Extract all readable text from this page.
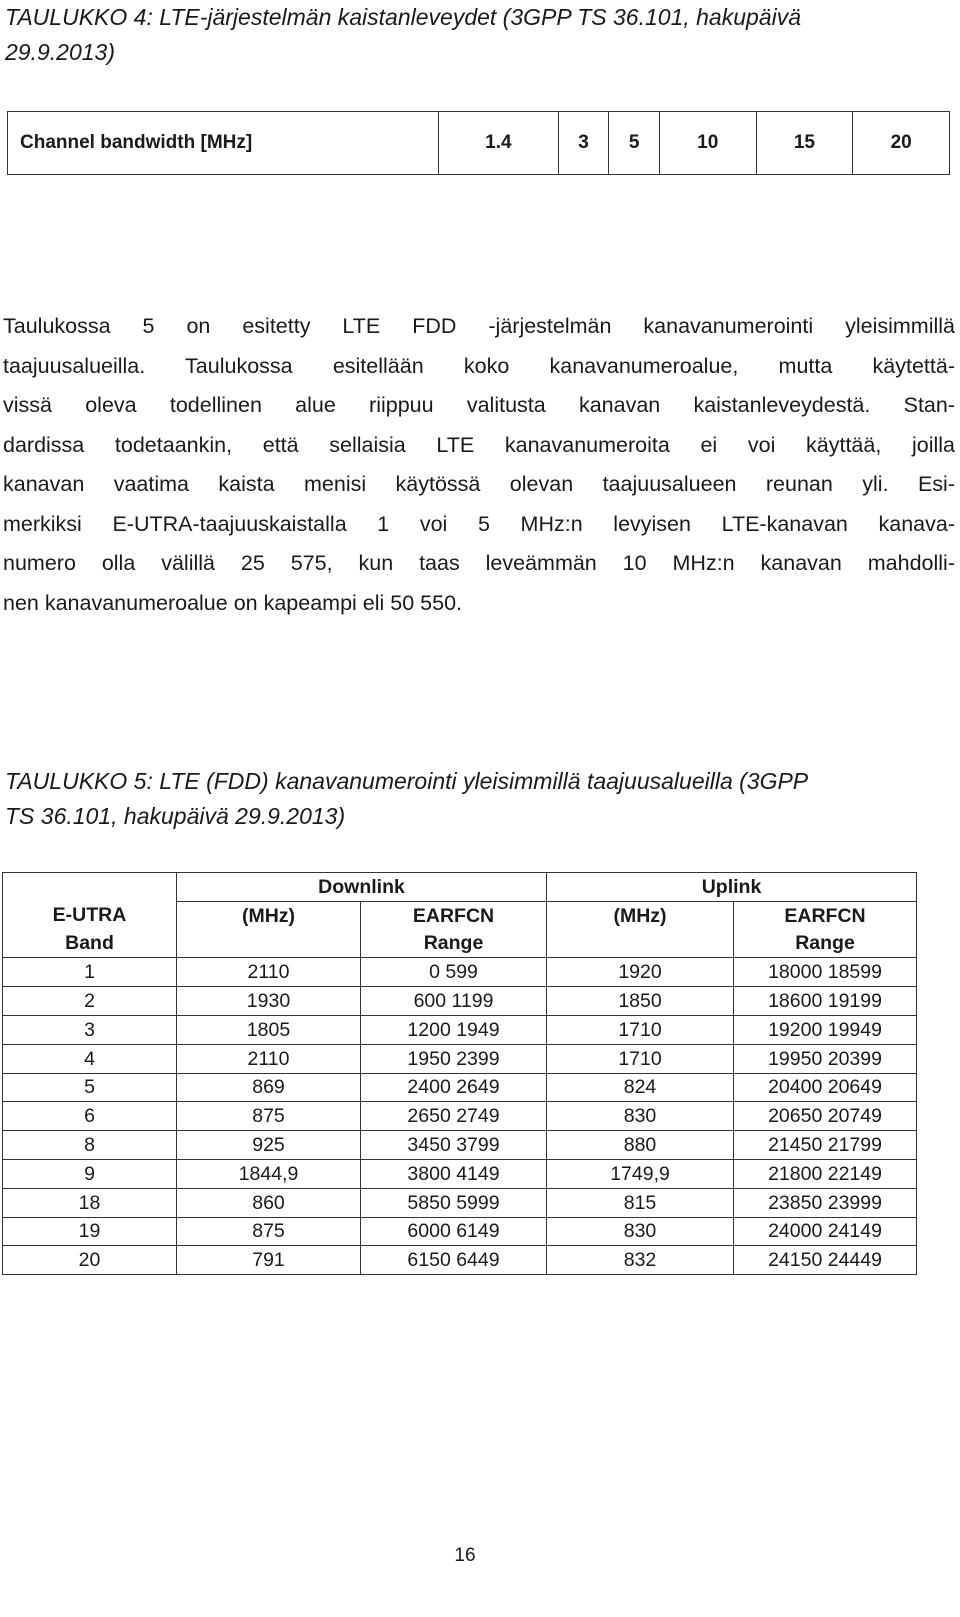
TAULUKKO 4: LTE-järjestelmän kaistanleveydet (3GPP TS 36.101, hakupäivä
29.9.2013)

Channel bandwidth [MHz]	1.4	3	5	10	15	20

Taulukossa 5 on esitetty LTE FDD -järjestelmän kanavanumerointi yleisimmillä
taajuusalueilla. Taulukossa esitellään koko kanavanumeroalue, mutta käytettä-
vissä oleva todellinen alue riippuu valitusta kanavan kaistanleveydestä. Stan-
dardissa todetaankin, että sellaisia LTE kanavanumeroita ei voi käyttää, joilla
kanavan vaatima kaista menisi käytössä olevan taajuusalueen reunan yli. Esi-
merkiksi E-UTRA-taajuuskaistalla 1 voi 5 MHz:n levyisen LTE-kanavan kanava-
numero olla välillä 25 575, kun taas leveämmän 10 MHz:n kanavan mahdolli-
nen kanavanumeroalue on kapeampi eli 50 550.

TAULUKKO 5: LTE (FDD) kanavanumerointi yleisimmillä taajuusalueilla (3GPP
TS 36.101, hakupäivä 29.9.2013)

	Downlink		Uplink	
E-UTRA	(MHz)	EARFCN	(MHz)	EARFCN
Band		Range		Range
1	2110	0 599	1920	18000 18599
2	1930	600 1199	1850	18600 19199
3	1805	1200 1949	1710	19200 19949
4	2110	1950 2399	1710	19950 20399
5	869	2400 2649	824	20400 20649
6	875	2650 2749	830	20650 20749
8	925	3450 3799	880	21450 21799
9	1844,9	3800 4149	1749,9	21800 22149
18	860	5850 5999	815	23850 23999
19	875	6000 6149	830	24000 24149
20	791	6150 6449	832	24150 24449
16
